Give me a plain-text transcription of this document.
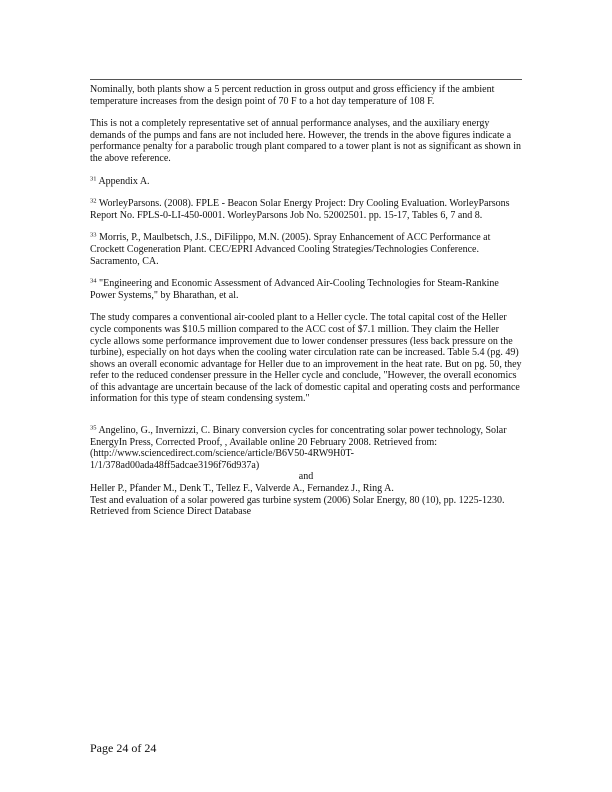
Nominally, both plants show a 5 percent reduction in gross output and gross efficiency if the ambient temperature increases from the design point of 70 F to a hot day temperature of 108 F.

This is not a completely representative set of annual performance analyses, and the auxiliary energy demands of the pumps and fans are not included here. However, the trends in the above figures indicate a performance penalty for a parabolic trough plant compared to a tower plant is not as significant as shown in the above reference.

$^{31}$ Appendix A.

$^{32}$ WorleyParsons. (2008). FPLE - Beacon Solar Energy Project: Dry Cooling Evaluation. WorleyParsons Report No. FPLS-0-LI-450-0001. WorleyParsons Job No. 52002501. pp. 15-17, Tables 6, 7 and 8.

$^{33}$ Morris, P., Maulbetsch, J.S., DiFilippo, M.N. (2005). Spray Enhancement of ACC Performance at Crockett Cogeneration Plant. CEC/EPRI Advanced Cooling Strategies/Technologies Conference. Sacramento, CA.

$^{34}$ "Engineering and Economic Assessment of Advanced Air-Cooling Technologies for Steam-Rankine Power Systems," by Bharathan, et al.

The study compares a conventional air-cooled plant to a Heller cycle. The total capital cost of the Heller cycle components was $10.5 million compared to the ACC cost of $7.1 million. They claim the Heller cycle allows some performance improvement due to lower condenser pressures (less back pressure on the turbine), especially on hot days when the cooling water circulation rate can be increased. Table 5.4 (pg. 49) shows an overall economic advantage for Heller due to an improvement in the heat rate. But on pg. 50, they refer to the reduced condenser pressure in the Heller cycle and conclude, "However, the overall economics of this advantage are uncertain because of the lack of domestic capital and operating costs and performance information for this type of steam condensing system."

$^{35}$ Angelino, G., Invernizzi, C. Binary conversion cycles for concentrating solar power technology, Solar EnergyIn Press, Corrected Proof, , Available online 20 February 2008. Retrieved from:

(http://www.sciencedirect.com/science/article/B6V50-4RW9H0T-

1/1/378ad00ada48ff5adcae3196f76d937a)

and

Heller P., Pfander M., Denk T., Tellez F., Valverde A., Fernandez J., Ring A.

Test and evaluation of a solar powered gas turbine system (2006) Solar Energy, 80 (10), pp. 1225-1230.

Retrieved from Science Direct Database

Page 24 of 24
